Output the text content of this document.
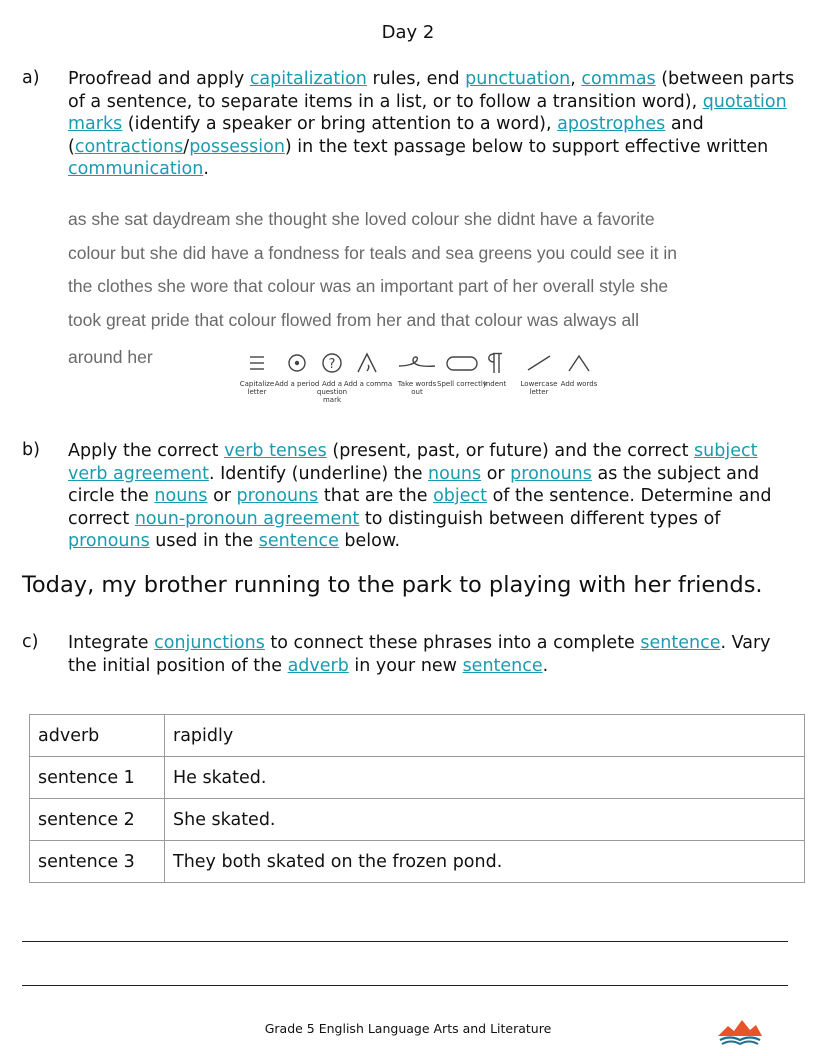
Day 2
a) Proofread and apply capitalization rules, end punctuation, commas (between parts of a sentence, to separate items in a list, or to follow a transition word), quotation marks (identify a speaker or bring attention to a word), apostrophes and (contractions/possession) in the text passage below to support effective written communication.
as she sat daydream she thought she loved colour she didnt have a favorite
colour but she did have a fondness for teals and sea greens you could see it in
the clothes she wore that colour was an important part of her overall style she
took great pride that colour flowed from her and that colour was always all
around her
Capitalize letter
Add a period
?
Add a question mark
Add a comma Take words out
Spell correctly
Indent	Lowercase letter
Add words
b) Apply the correct verb tenses (present, past, or future) and the correct subject verb agreement. Identify (underline) the nouns or pronouns as the subject and circle the nouns or pronouns that are the object of the sentence. Determine and correct noun-pronoun agreement to distinguish between different types of pronouns used in the sentence below.
Today, my brother running to the park to playing with her friends.
c) Integrate conjunctions to connect these phrases into a complete sentence. Vary the initial position of the adverb in your new sentence.
adverb	rapidly
sentence 1	He skated.
sentence 2	She skated.
sentence 3	They both skated on the frozen pond.
Grade 5 English Language Arts and Literature
